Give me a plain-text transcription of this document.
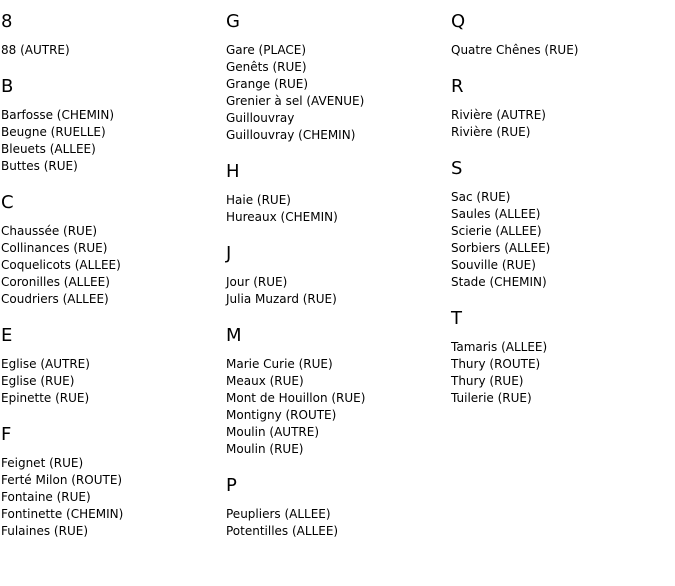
8
88 (AUTRE)
B
Barfosse (CHEMIN)
Beugne (RUELLE)
Bleuets (ALLEE)
Buttes (RUE)
C
Chaussée (RUE)
Collinances (RUE)
Coquelicots (ALLEE)
Coronilles (ALLEE)
Coudriers (ALLEE)
E
Eglise (AUTRE)
Eglise (RUE)
Epinette (RUE)
F
Feignet (RUE)
Ferté Milon (ROUTE)
Fontaine (RUE)
Fontinette (CHEMIN)
Fulaines (RUE)
G
Gare (PLACE)
Genêts (RUE)
Grange (RUE)
Grenier à sel (AVENUE)
Guillouvray
Guillouvray (CHEMIN)
H
Haie (RUE)
Hureaux (CHEMIN)
J
Jour (RUE)
Julia Muzard (RUE)
M
Marie Curie (RUE)
Meaux (RUE)
Mont de Houillon (RUE)
Montigny (ROUTE)
Moulin (AUTRE)
Moulin (RUE)
P
Peupliers (ALLEE)
Potentilles (ALLEE)
Q
Quatre Chênes (RUE)
R
Rivière (AUTRE)
Rivière (RUE)
S
Sac (RUE)
Saules (ALLEE)
Scierie (ALLEE)
Sorbiers (ALLEE)
Souville (RUE)
Stade (CHEMIN)
T
Tamaris (ALLEE)
Thury (ROUTE)
Thury (RUE)
Tuilerie (RUE)
